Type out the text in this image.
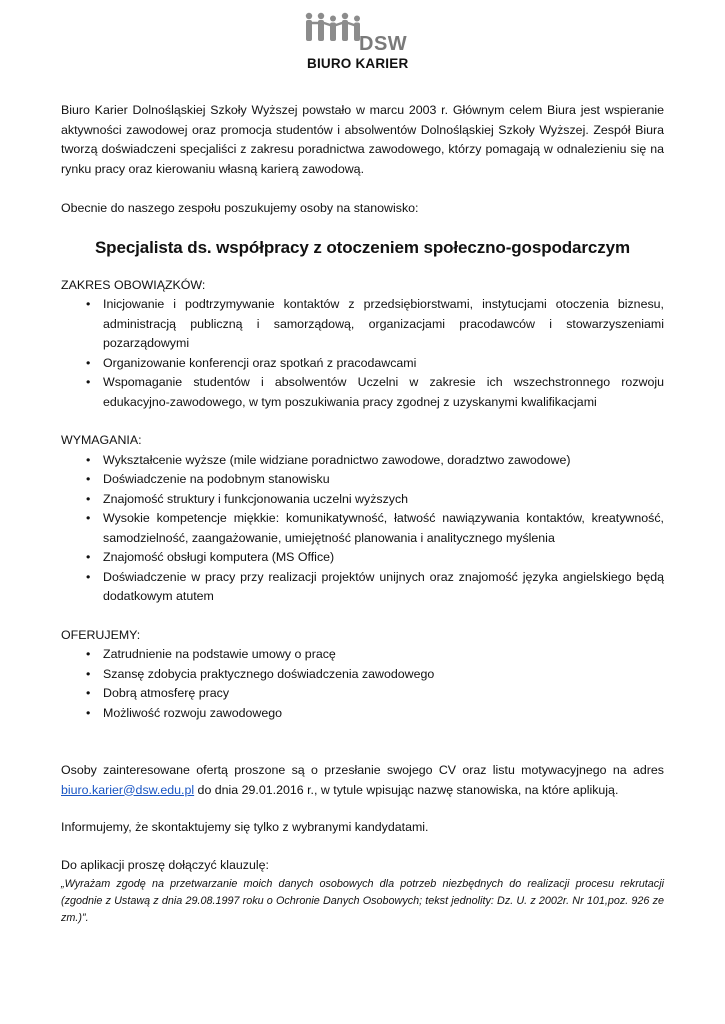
DSW
BIURO KARIER

Biuro Karier Dolnośląskiej Szkoły Wyższej powstało w marcu 2003 r. Głównym celem Biura jest wspieranie aktywności zawodowej oraz promocja studentów i absolwentów Dolnośląskiej Szkoły Wyższej. Zespół Biura tworzą doświadczeni specjaliści z zakresu poradnictwa zawodowego, którzy pomagają w odnalezieniu się na rynku pracy oraz kierowaniu własną karierą zawodową.

Obecnie do naszego zespołu poszukujemy osoby na stanowisko:

Specjalista ds. współpracy z otoczeniem społeczno-gospodarczym

ZAKRES OBOWIĄZKÓW:

• Inicjowanie i podtrzymywanie kontaktów z przedsiębiorstwami, instytucjami otoczenia biznesu, administracją publiczną i samorządową, organizacjami pracodawców i stowarzyszeniami pozarządowymi
• Organizowanie konferencji oraz spotkań z pracodawcami
• Wspomaganie studentów i absolwentów Uczelni w zakresie ich wszechstronnego rozwoju edukacyjno-zawodowego, w tym poszukiwania pracy zgodnej z uzyskanymi kwalifikacjami

WYMAGANIA:

• Wykształcenie wyższe (mile widziane poradnictwo zawodowe, doradztwo zawodowe)
• Doświadczenie na podobnym stanowisku
• Znajomość struktury i funkcjonowania uczelni wyższych
• Wysokie kompetencje miękkie: komunikatywność, łatwość nawiązywania kontaktów, kreatywność, samodzielność, zaangażowanie, umiejętność planowania i analitycznego myślenia
• Znajomość obsługi komputera (MS Office)
• Doświadczenie w pracy przy realizacji projektów unijnych oraz znajomość języka angielskiego będą dodatkowym atutem

OFERUJEMY:

• Zatrudnienie na podstawie umowy o pracę
• Szansę zdobycia praktycznego doświadczenia zawodowego
• Dobrą atmosferę pracy
• Możliwość rozwoju zawodowego

Osoby zainteresowane ofertą proszone są o przesłanie swojego CV oraz listu motywacyjnego na adres biuro.karier@dsw.edu.pl do dnia 29.01.2016 r., w tytule wpisując nazwę stanowiska, na które aplikują.

Informujemy, że skontaktujemy się tylko z wybranymi kandydatami.

Do aplikacji proszę dołączyć klauzulę:

„Wyrażam zgodę na przetwarzanie moich danych osobowych dla potrzeb niezbędnych do realizacji procesu rekrutacji (zgodnie z Ustawą z dnia 29.08.1997 roku o Ochronie Danych Osobowych; tekst jednolity: Dz. U. z 2002r. Nr 101,poz. 926 ze zm.)”.
